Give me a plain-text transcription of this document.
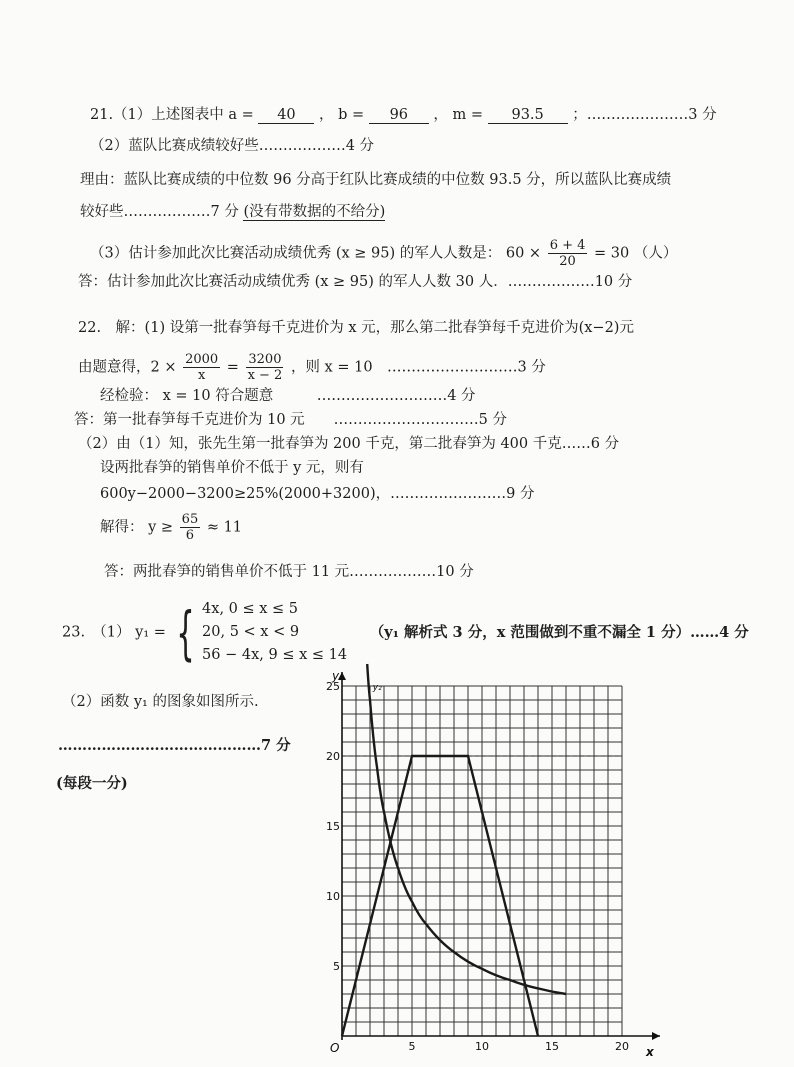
21.（1）上述图表中 a = 40 ， b = 96 ， m = 93.5 ；…………………3 分
（2）蓝队比赛成绩较好些………………4 分
理由：蓝队比赛成绩的中位数 96 分高于红队比赛成绩的中位数 93.5 分，所以蓝队比赛成绩
较好些………………7 分 (没有带数据的不给分)
（3）估计参加此次比赛活动成绩优秀 (x ≥ 95) 的军人人数是： $60 \times \frac{6 + 4}{20} = 30$ （人）
答：估计参加此次比赛活动成绩优秀 (x ≥ 95) 的军人人数 30 人．………………10 分
22.　解：(1) 设第一批春笋每千克进价为 x 元，那么第二批春笋每千克进价为(x−2)元
由题意得，$2 \times \frac{2000}{x} = \frac{3200}{x - 2}$ ，则 x = 10　………………………3 分
经检验： x = 10 符合题意　　　………………………4 分
答：第一批春笋每千克进价为 10 元　　…………………………5 分
（2）由（1）知，张先生第一批春笋为 200 千克，第二批春笋为 400 千克……6 分
设两批春笋的销售单价不低于 y 元，则有
600y−2000−3200≥25%(2000+3200)，……………………9 分
解得： $y \ge \frac{65}{6} \approx 11$
答：两批春笋的销售单价不低于 11 元………………10 分
23.　（1） y₁ = { 4x, 0 ≤ x ≤ 5
20, 5 < x < 9
56 − 4x, 9 ≤ x ≤ 14
（y₁ 解析式 3 分，x 范围做到不重不漏全 1 分）……4 分
（2）函数 y₁ 的图象如图所示.
……………………………………7 分
(每段一分)
5	10	15	20
5
10
15
20
25
O	x
y
y₂
